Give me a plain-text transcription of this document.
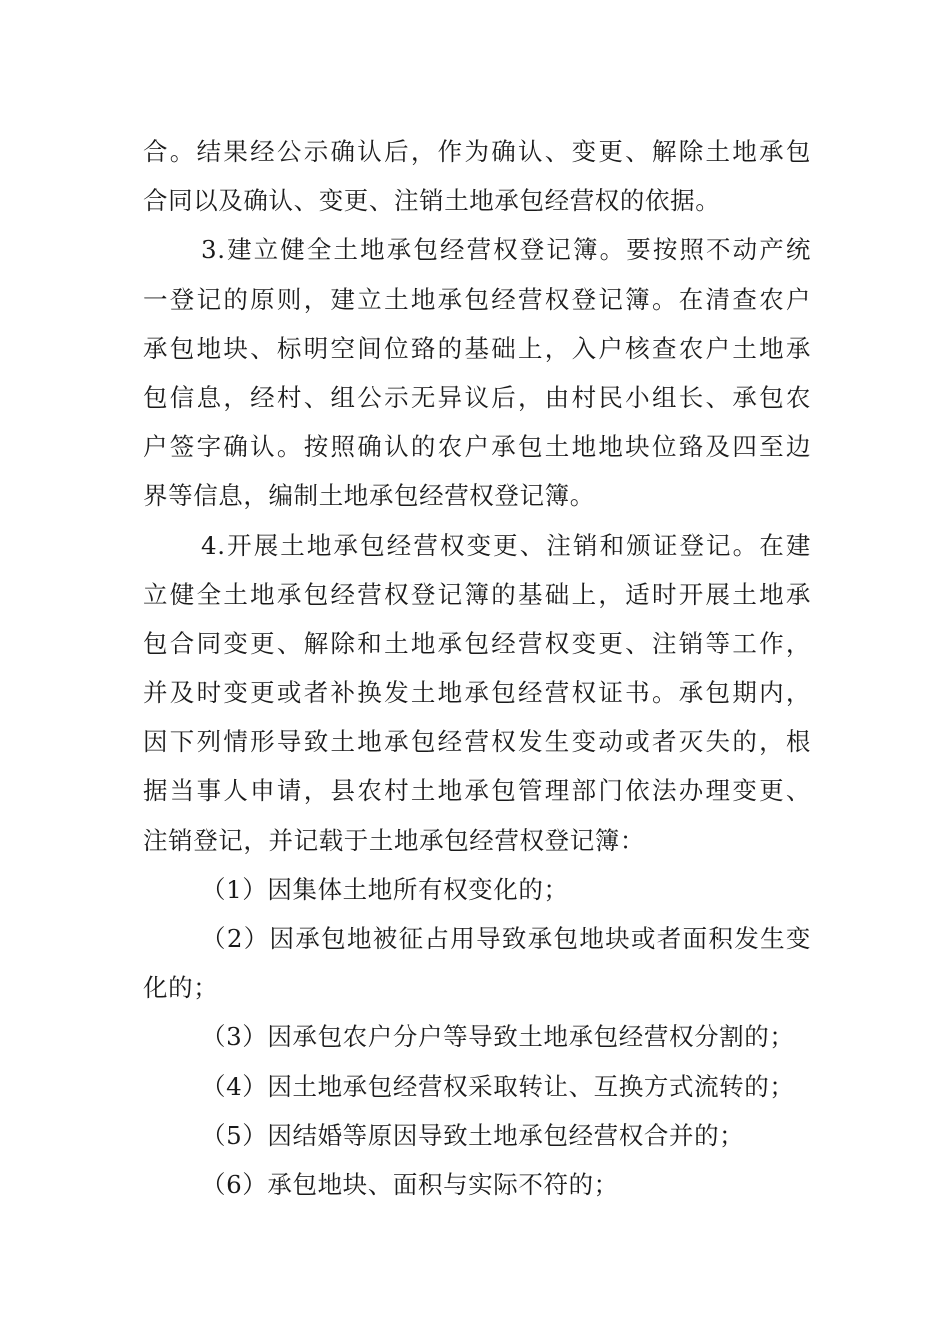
合。结果经公示确认后，作为确认、变更、解除土地承包
合同以及确认、变更、注销土地承包经营权的依据。
3.建立健全土地承包经营权登记簿。要按照不动产统
一登记的原则，建立土地承包经营权登记簿。在清查农户
承包地块、标明空间位臵的基础上，入户核查农户土地承
包信息，经村、组公示无异议后，由村民小组长、承包农
户签字确认。按照确认的农户承包土地地块位臵及四至边
界等信息，编制土地承包经营权登记簿。
4.开展土地承包经营权变更、注销和颁证登记。在建
立健全土地承包经营权登记簿的基础上，适时开展土地承
包合同变更、解除和土地承包经营权变更、注销等工作，
并及时变更或者补换发土地承包经营权证书。承包期内，
因下列情形导致土地承包经营权发生变动或者灭失的，根
据当事人申请，县农村土地承包管理部门依法办理变更、
注销登记，并记载于土地承包经营权登记簿：
（1）因集体土地所有权变化的；
（2）因承包地被征占用导致承包地块或者面积发生变
化的；
（3）因承包农户分户等导致土地承包经营权分割的；
（4）因土地承包经营权采取转让、互换方式流转的；
（5）因结婚等原因导致土地承包经营权合并的；
（6）承包地块、面积与实际不符的；
